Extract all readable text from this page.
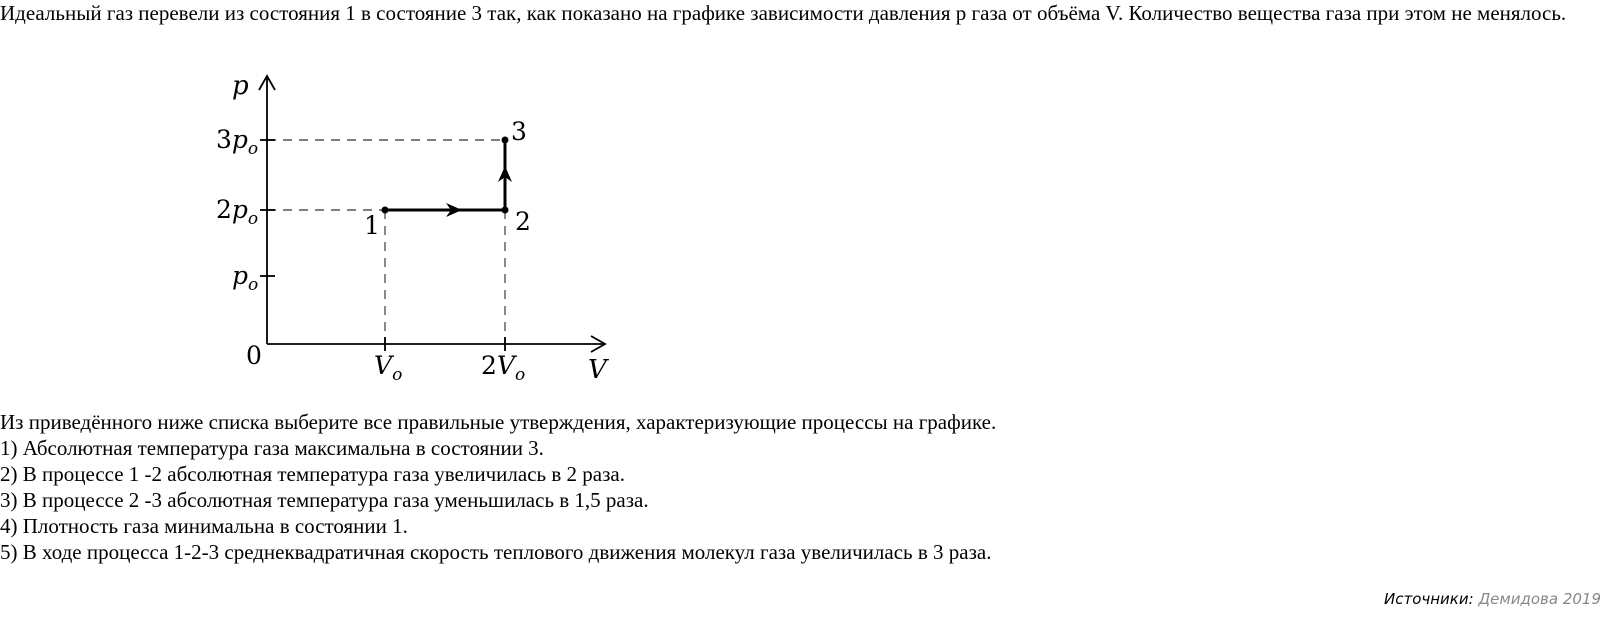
Идеальный газ перевели из состояния 1 в состояние 3 так, как показано на графике зависимости давления p газа от объёма V. Количество вещества газа при этом не менялось.

p
V
0
$3p_o$
$2p_o$
$p_o$
$V_o$	$2V_o$
1	2
3

Из приведённого ниже списка выберите все правильные утверждения, характеризующие процессы на графике.

1) Абсолютная температура газа максимальна в состоянии 3.
2) В процессе 1 -2 абсолютная температура газа увеличилась в 2 раза.
3) В процессе 2 -3 абсолютная температура газа уменьшилась в 1,5 раза.
4) Плотность газа минимальна в состоянии 1.
5) В ходе процесса 1-2-3 среднеквадратичная скорость теплового движения молекул газа увеличилась в 3 раза.
Источники: Демидова 2019
